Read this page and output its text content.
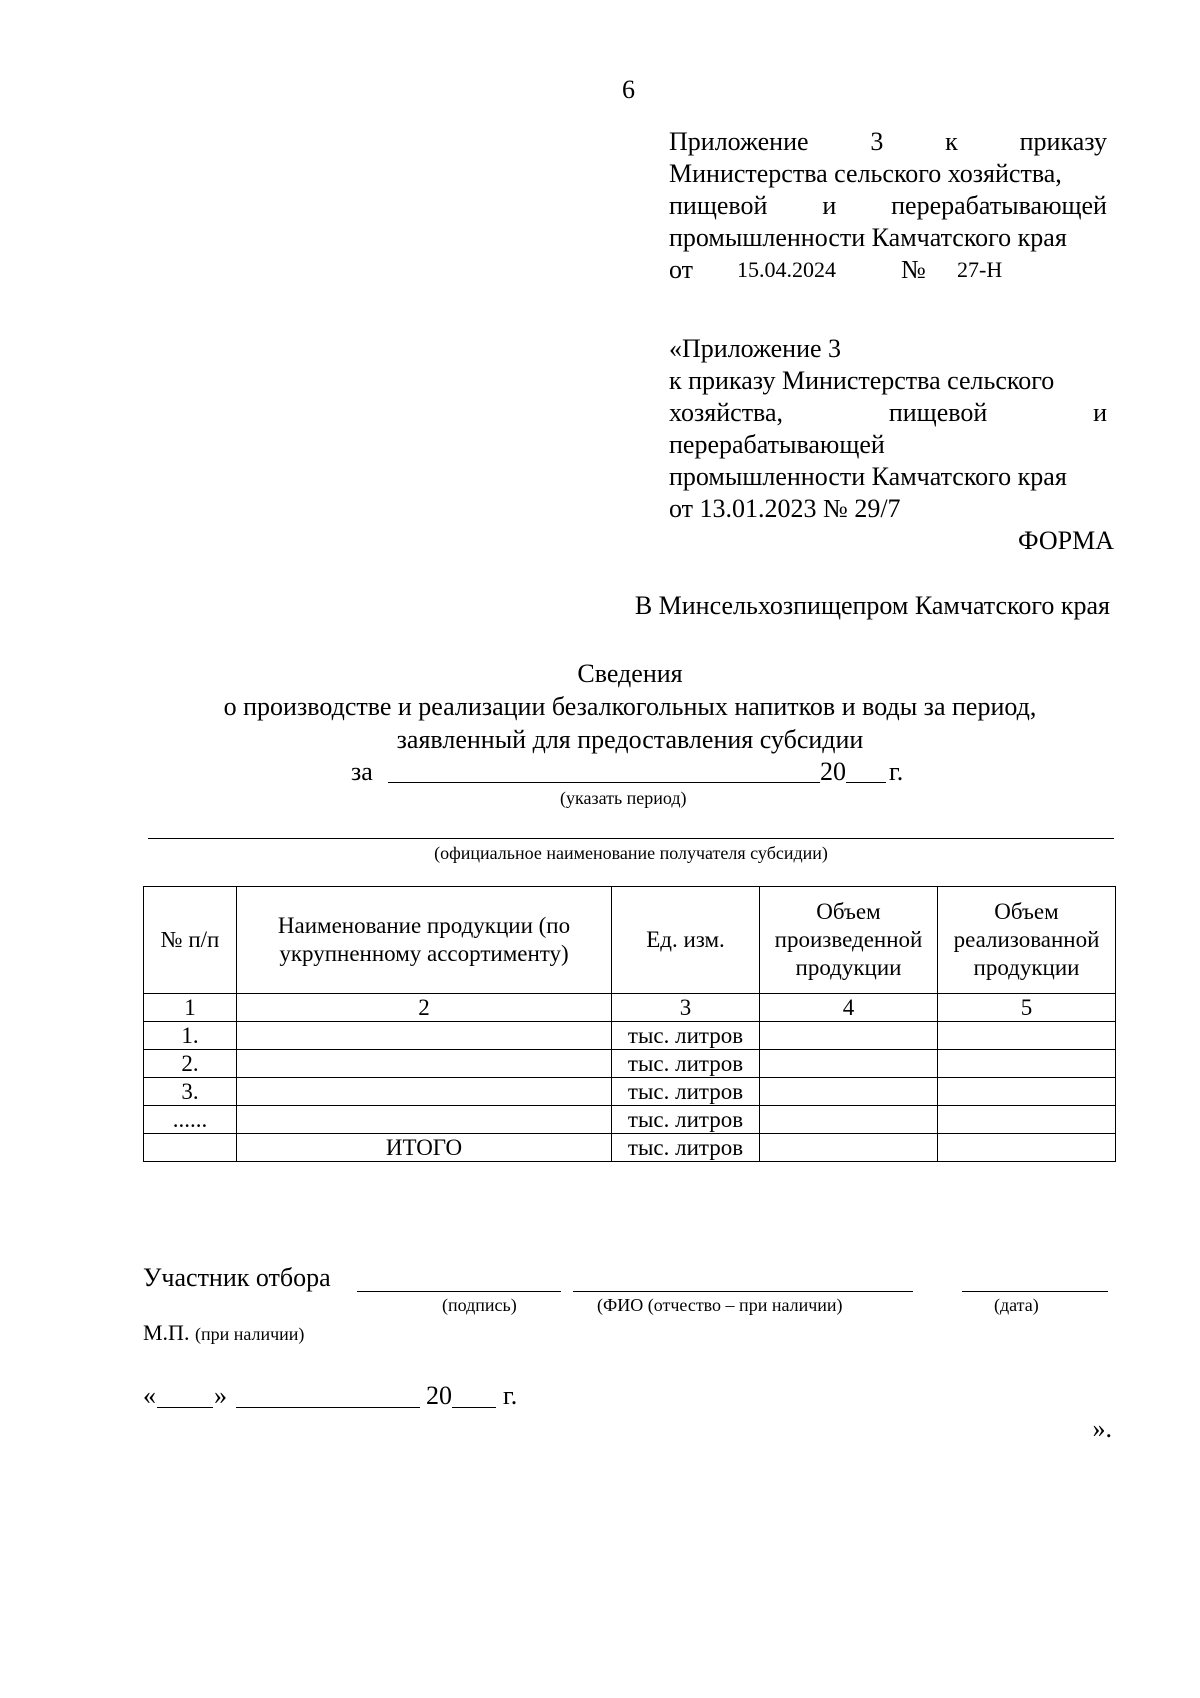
6
Приложение 3 к приказу
Министерства сельского хозяйства,
пищевой и перерабатывающей
промышленности Камчатского края
от 15.04.2024	№ 27-Н
«Приложение 3
к приказу Министерства сельского
хозяйства,	пищевой	и
перерабатывающей
промышленности Камчатского края
от 13.01.2023 № 29/7
ФОРМА
В Минсельхозпищепром Камчатского края
Сведения
о производстве и реализации безалкогольных напитков и воды за период,
заявленный для предоставления субсидии
за	20 г.
(указать период)
(официальное наименование получателя субсидии)
№ п/п	Наименование продукции (по укрупненному ассортименту)	Ед. изм.	Объем произведенной продукции	Объем реализованной продукции
1	2	3	4	5
1.		тыс. литров		
2.		тыс. литров		
3.		тыс. литров		
......		тыс. литров		
	ИТОГО	тыс. литров		
Участник отбора
(подпись)	(ФИО (отчество – при наличии)	(дата)
М.П. (при наличии)
« »	20 г.
».
